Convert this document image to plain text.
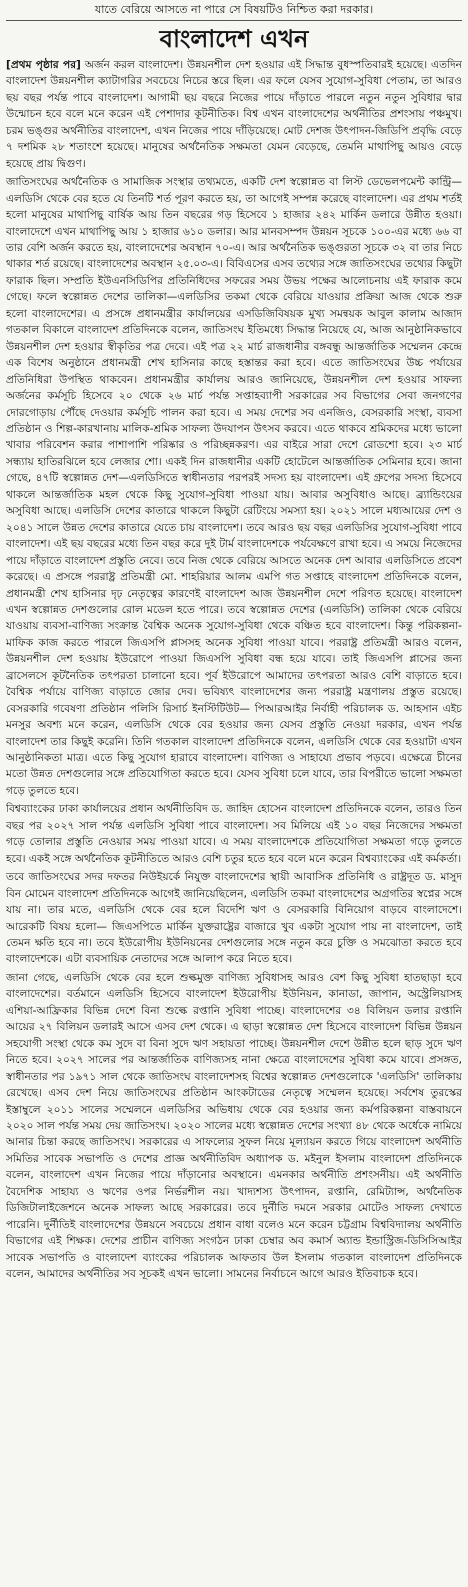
যাতে বেরিয়ে আসতে না পারে সে বিষয়টিও নিশ্চিত করা দরকার।
বাংলাদেশ এখন

[প্রথম পৃষ্ঠার পর] অর্জন করল বাংলাদেশ। উন্নয়নশীল দেশ হওয়ার এই সিদ্ধান্ত বুধস্পতিবারই হয়েছে। এতদিন বাংলাদেশ উন্নয়নশীল ক্যাটাগরির সবচেয়ে নিচের স্তরে ছিল। এর ফলে যেসব সুযোগ-সুবিধা পেতাম, তা আরও ছয় বছর পর্যন্ত পাবে বাংলাদেশ। আগামী ছয় বছরে নিজের পায়ে দাঁড়াতে পারলে নতুন নতুন সুবিধার দ্বার উন্মোচন হবে বলে মনে করেন এই পেশাদার কূটনীতিক। বিশ্ব এখন বাংলাদেশের অর্থনীতির প্রশংসায় পঞ্চমুখ। চরম ভঙ্গুর অর্থনীতির বাংলাদেশ, এখন নিজের পায়ে দাঁড়িয়েছে। মোট দেশজ উৎপাদন-জিডিপি প্রবৃদ্ধি বেড়ে ৭ দশমিক ২৮ শতাংশে হয়েছে। মানুষের অর্থনৈতিক সক্ষমতা যেমন বেড়েছে, তেমনি মাথাপিছু আয়ও বেড়ে হয়েছে প্রায় দ্বিগুণ।

জাতিসংঘের অর্থনৈতিক ও সামাজিক সংস্থার তথ্যমতে, একটি দেশ স্বল্পোন্নত বা লিস্ট ডেভেলপমেন্ট কান্ট্রি— এলডিসি থেকে বের হতে যে তিনটি শর্ত পূরণ করতে হয়, তা আগেই সম্পন্ন করেছে বাংলাদেশ। এর প্রথম শর্তই হলো মানুষের মাথাপিছু বার্ষিক আয় তিন বছরের গড় হিসেবে ১ হাজার ২৪২ মার্কিন ডলারে উন্নীত হওয়া। বাংলাদেশে এখন মাথাপিছু আয় ১ হাজার ৬১০ ডলার। আর মানবসম্পদ উন্নয়ন সূচকে ১০০-এর মধ্যে ৬৬ বা তার বেশি অর্জন করতে হয়, বাংলাদেশের অবস্থান ৭০-এ। আর অর্থনৈতিক ভঙ্গুরতা সূচকে ৩২ বা তার নিচে থাকার শর্ত রয়েছে। বাংলাদেশের অবস্থান ২৫.০৩-এ। বিবিএসের এসব তথ্যের সঙ্গে জাতিসংঘের তথ্যের কিছুটা ফারাক ছিল। সম্প্রতি ইউএনসিডিপির প্রতিনিধিদের সফরের সময় উভয় পক্ষের আলোচনায় এই ফারাক কমে গেছে। ফলে স্বল্পোন্নত দেশের তালিকা—এলডিসির তকমা থেকে বেরিয়ে যাওয়ার প্রক্রিয়া আজ থেকে শুরু হলো বাংলাদেশের। এ প্রসঙ্গে প্রধানমন্ত্রীর কার্যালয়ের এসডিজিবিষয়ক মুখ্য সমন্বয়ক আবুল কালাম আজাদ গতকাল বিকালে বাংলাদেশ প্রতিদিনকে বলেন, জাতিসংঘ ইতিমধ্যে সিদ্ধান্ত নিয়েছে যে, আজ আনুষ্ঠানিকভাবে উন্নয়নশীল দেশ হওয়ার স্বীকৃতির পত্র দেবে। এই পত্র ২২ মার্চ রাজধানীর বঙ্গবন্ধু আন্তর্জাতিক সম্মেলন কেন্দ্রে এক বিশেষ অনুষ্ঠানে প্রধানমন্ত্রী শেখ হাসিনার কাছে হস্তান্তর করা হবে। এতে জাতিসংঘের উচ্চ পর্যায়ের প্রতিনিধিরা উপস্থিত থাকবেন। প্রধানমন্ত্রীর কার্যালয় আরও জানিয়েছে, উন্নয়নশীল দেশ হওয়ার সাফল্য অর্জনের কর্মসূচি হিসেবে ২০ থেকে ২৬ মার্চ পর্যন্ত সপ্তাহব্যাপী সরকারের সব বিভাগের সেবা জনগণের দোরগোড়ায় পৌঁছে দেওয়ার কর্মসূচি পালন করা হবে। এ সময় দেশের সব এনজিও, বেসরকারি সংস্থা, ব্যবসা প্রতিষ্ঠান ও শিল্প-কারখানায় মালিক-শ্রমিক সাফল্য উদযাপন উৎসব করবে। এতে থাকবে শ্রমিকদের মধ্যে ভালো খাবার পরিবেশন করার পাশাপাশি পরিষ্কার ও পরিচ্ছন্নকরণ। এর বাইরে সারা দেশে রোডশো হবে। ২৩ মার্চ সন্ধ্যায় হাতিরঝিলে হবে লেজার শো। একই দিন রাজধানীর একটি হোটেলে আন্তর্জাতিক সেমিনার হবে। জানা গেছে, ৪৭টি স্বল্পোন্নত দেশ—এলডিসিতে স্বাধীনতার পরপরই সদস্য হয় বাংলাদেশ। এই গ্রুপের সদস্য হিসেবে থাকলে আন্তর্জাতিক মহল থেকে কিছু সুযোগ-সুবিধা পাওয়া যায়। আবার অসুবিধাও আছে। ব্র্যান্ডিংয়ের অসুবিধা আছে। এলডিসি দেশের কাতারে থাকলে কিছুটা রেটিংয়ে সমস্যা হয়। ২০২১ সালে মধ্যআয়ের দেশ ও ২০৪১ সালে উন্নত দেশের কাতারে যেতে চায় বাংলাদেশ। তবে আরও ছয় বছর এলডিসির সুযোগ-সুবিধা পাবে বাংলাদেশ। এই ছয় বছরের মধ্যে তিন বছর করে দুই টার্ম বাংলাদেশকে পর্যবেক্ষণে রাখা হবে। এ সময়ে নিজেদের পায়ে দাঁড়াতে বাংলাদেশ প্রস্তুতি নেবে। তবে নিজ থেকে বেরিয়ে আসতে অনেক দেশ আবার এলডিসিতে প্রবেশ করেছে। এ প্রসঙ্গে পররাষ্ট্র প্রতিমন্ত্রী মো. শাহরিয়ার আলম এমপি গত সপ্তাহে বাংলাদেশ প্রতিদিনকে বলেন, প্রধানমন্ত্রী শেখ হাসিনার দৃঢ় নেতৃত্বের কারণেই বাংলাদেশ আজ উন্নয়নশীল দেশে পরিণত হয়েছে। বাংলাদেশ এখন স্বল্পোন্নত দেশগুলোর রোল মডেল হতে পারে। তবে স্বল্পোন্নত দেশের (এলডিসি) তালিকা থেকে বেরিয়ে যাওয়ায় ব্যবসা-বাণিজ্য সংক্রান্ত বৈশ্বিক অনেক সুযোগ-সুবিধা থেকে বঞ্চিত হবে বাংলাদেশ। কিন্তু পরিকল্পনা-মাফিক কাজ করতে পারলে জিএসপি প্লাসসহ অনেক সুবিধা পাওয়া যাবে। পররাষ্ট্র প্রতিমন্ত্রী আরও বলেন, উন্নয়নশীল দেশ হওয়ায় ইউরোপে পাওয়া জিএসপি সুবিধা বন্ধ হয়ে যাবে। তাই জিএসপি প্লাসের জন্য ব্রাসেলসে কূটনৈতিক তৎপরতা চালানো হবে। পূর্ব ইউরোপে আমাদের তৎপরতা আরও বেশি বাড়াতে হবে। বৈশ্বিক পর্যায়ে বাণিজ্য বাড়াতে জোর দেব। ভবিষ্যৎ বাংলাদেশের জন্য পররাষ্ট্র মন্ত্রণালয় প্রস্তুত রয়েছে। বেসরকারি গবেষণা প্রতিষ্ঠান পলিসি রিসার্চ ইনস্টিটিউট— পিআরআইর নির্বাহী পরিচালক ড. আহসান এইচ মনসুর অবশ্য মনে করেন, এলডিসি থেকে বের হওয়ার জন্য যেসব প্রস্তুতি নেওয়া দরকার, এখন পর্যন্ত বাংলাদেশ তার কিছুই করেনি। তিনি গতকাল বাংলাদেশ প্রতিদিনকে বলেন, এলডিসি থেকে বের হওয়াটা এখন আনুষ্ঠানিকতা মাত্র। এতে কিছু সুযোগ হারাবে বাংলাদেশ। বাণিজ্য ও সাহায্যে প্রভাব পড়বে। এক্ষেত্রে চীনের মতো উন্নত দেশগুলোর সঙ্গে প্রতিযোগিতা করতে হবে। যেসব সুবিধা চলে যাবে, তার বিপরীতে ভালো সক্ষমতা গড়ে তুলতে হবে।

বিশ্বব্যাংকের ঢাকা কার্যালয়ের প্রধান অর্থনীতিবিদ ড. জাহিদ হোসেন বাংলাদেশ প্রতিদিনকে বলেন, তারও তিন বছর পর ২০২৭ সাল পর্যন্ত এলডিসি সুবিধা পাবে বাংলাদেশ। সব মিলিয়ে এই ১০ বছর নিজেদের সক্ষমতা গড়ে তোলার প্রস্তুতি নেওয়ার সময় পাওয়া যাবে। এ সময় বাংলাদেশকে প্রতিযোগিতা সক্ষমতা গড়ে তুলতে হবে। একই সঙ্গে অর্থনৈতিক কূটনীতিতে আরও বেশি চতুর হতে হবে বলে মনে করেন বিশ্বব্যাংকের এই কর্মকর্তা।

তবে জাতিসংঘের সদর দফতর নিউইয়র্কে নিযুক্ত বাংলাদেশের স্থায়ী আবাসিক প্রতিনিধি ও রাষ্ট্রদূত ড. মাসুদ বিন মোমেন বাংলাদেশ প্রতিদিনকে আগেই জানিয়েছিলেন, এলডিসি তকমা বাংলাদেশের অগ্রগতির স্বপ্নের সঙ্গে যায় না। তার মতে, এলডিসি থেকে বের হলে বিদেশি ঋণ ও বেসরকারি বিনিয়োগ বাড়বে বাংলাদেশে। আরেকটি বিষয় হলো— জিএসপিতে মার্কিন যুক্তরাষ্ট্রের বাজারে খুব একটা সুযোগ পায় না বাংলাদেশ, তাই তেমন ক্ষতি হবে না। তবে ইউরোপীয় ইউনিয়নের দেশগুলোর সঙ্গে নতুন করে চুক্তি ও সমঝোতা করতে হবে বাংলাদেশকে। এটা ব্যবসায়িক নেতাদের সঙ্গে আলাপ করে নিতে হবে।

জানা গেছে, এলডিসি থেকে বের হলে শুল্কমুক্ত বাণিজ্য সুবিধাসহ আরও বেশ কিছু সুবিধা হাতছাড়া হবে বাংলাদেশের। বর্তমানে এলডিসি হিসেবে বাংলাদেশ ইউরোপীয় ইউনিয়ন, কানাডা, জাপান, অস্ট্রেলিয়াসহ এশিয়া-আফ্রিকার বিভিন্ন দেশে বিনা শুল্কে রপ্তানি সুবিধা পাচ্ছে। বাংলাদেশের ৩৪ বিলিয়ন ডলার রপ্তানি আয়ের ২৭ বিলিয়ন ডলারই আসে এসব দেশ থেকে। এ ছাড়া স্বল্পোন্নত দেশ হিসেবে বাংলাদেশ বিভিন্ন উন্নয়ন সহযোগী সংস্থা থেকে কম সুদে বা বিনা সুদে ঋণ সহায়তা পাচ্ছে। উন্নয়নশীল দেশে উন্নীত হলে ছাড় সুদে ঋণ নিতে হবে। ২০২৭ সালের পর আন্তর্জাতিক বাণিজ্যসহ নানা ক্ষেত্রে বাংলাদেশের সুবিধা কমে যাবে। প্রসঙ্গত, স্বাধীনতার পর ১৯৭১ সাল থেকে জাতিসংঘ বাংলাদেশসহ বিশ্বের স্বল্পোন্নত দেশগুলোকে 'এলডিসি' তালিকায় রেখেছে। এসব দেশ নিয়ে জাতিসংঘের প্রতিষ্ঠান আংকটাডের নেতৃত্বে সম্মেলন হয়েছে। সর্বশেষ তুরস্কের ইস্তাম্বুলে ২০১১ সালের সম্মেলনে এলডিসির অভিধায় থেকে বের হওয়ার জন্য কর্মপরিকল্পনা বাস্তবায়নে ২০২০ সাল পর্যন্ত সময় দেয় জাতিসংঘ। ২০২০ সালের মধ্যে স্বল্পোন্নত দেশের সংখ্যা ৪৮ থেকে অর্ধেকে নামিয়ে আনার চিন্তা করছে জাতিসংঘ। সরকারের এ সাফল্যের সুফল নিয়ে মূল্যায়ন করতে গিয়ে বাংলাদেশ অর্থনীতি সমিতির সাবেক সভাপতি ও দেশের প্রাজ্ঞ অর্থনীতিবিদ অধ্যাপক ড. মইনুল ইসলাম বাংলাদেশ প্রতিদিনকে বলেন, বাংলাদেশ এখন নিজের পায়ে দাঁড়ানোর অবস্থানে। এমনকার অর্থনীতি প্রশংসনীয়। এই অর্থনীতি বৈদেশিক সাহায্য ও ঋণের ওপর নির্ভরশীল নয়। খাদ্যশস্য উৎপাদন, রপ্তানি, রেমিট্যান্স, অর্থনৈতিক ডিজিটালাইজেশনে অনেক সাফল্য আছে সরকারের। তবে দুর্নীতি দমনে সরকার মোটেও সাফল্য দেখাতে পারেনি। দুর্নীতিই বাংলাদেশের উন্নয়নে সবচেয়ে প্রধান বাধা বলেও মনে করেন চট্টগ্রাম বিশ্ববিদ্যালয় অর্থনীতি বিভাগের এই শিক্ষক। দেশের প্রাচীন বাণিজ্য সংগঠন ঢাকা চেম্বার অব কমার্স অ্যান্ড ইন্ডাস্ট্রিজ-ডিসিসিআইর সাবেক সভাপতি ও বাংলাদেশ ব্যাংকের পরিচালক আফতাব উল ইসলাম গতকাল বাংলাদেশ প্রতিদিনকে বলেন, আমাদের অর্থনীতির সব সূচকই এখন ভালো। সামনের নির্বাচনে আগে আরও ইতিবাচক হবে।
